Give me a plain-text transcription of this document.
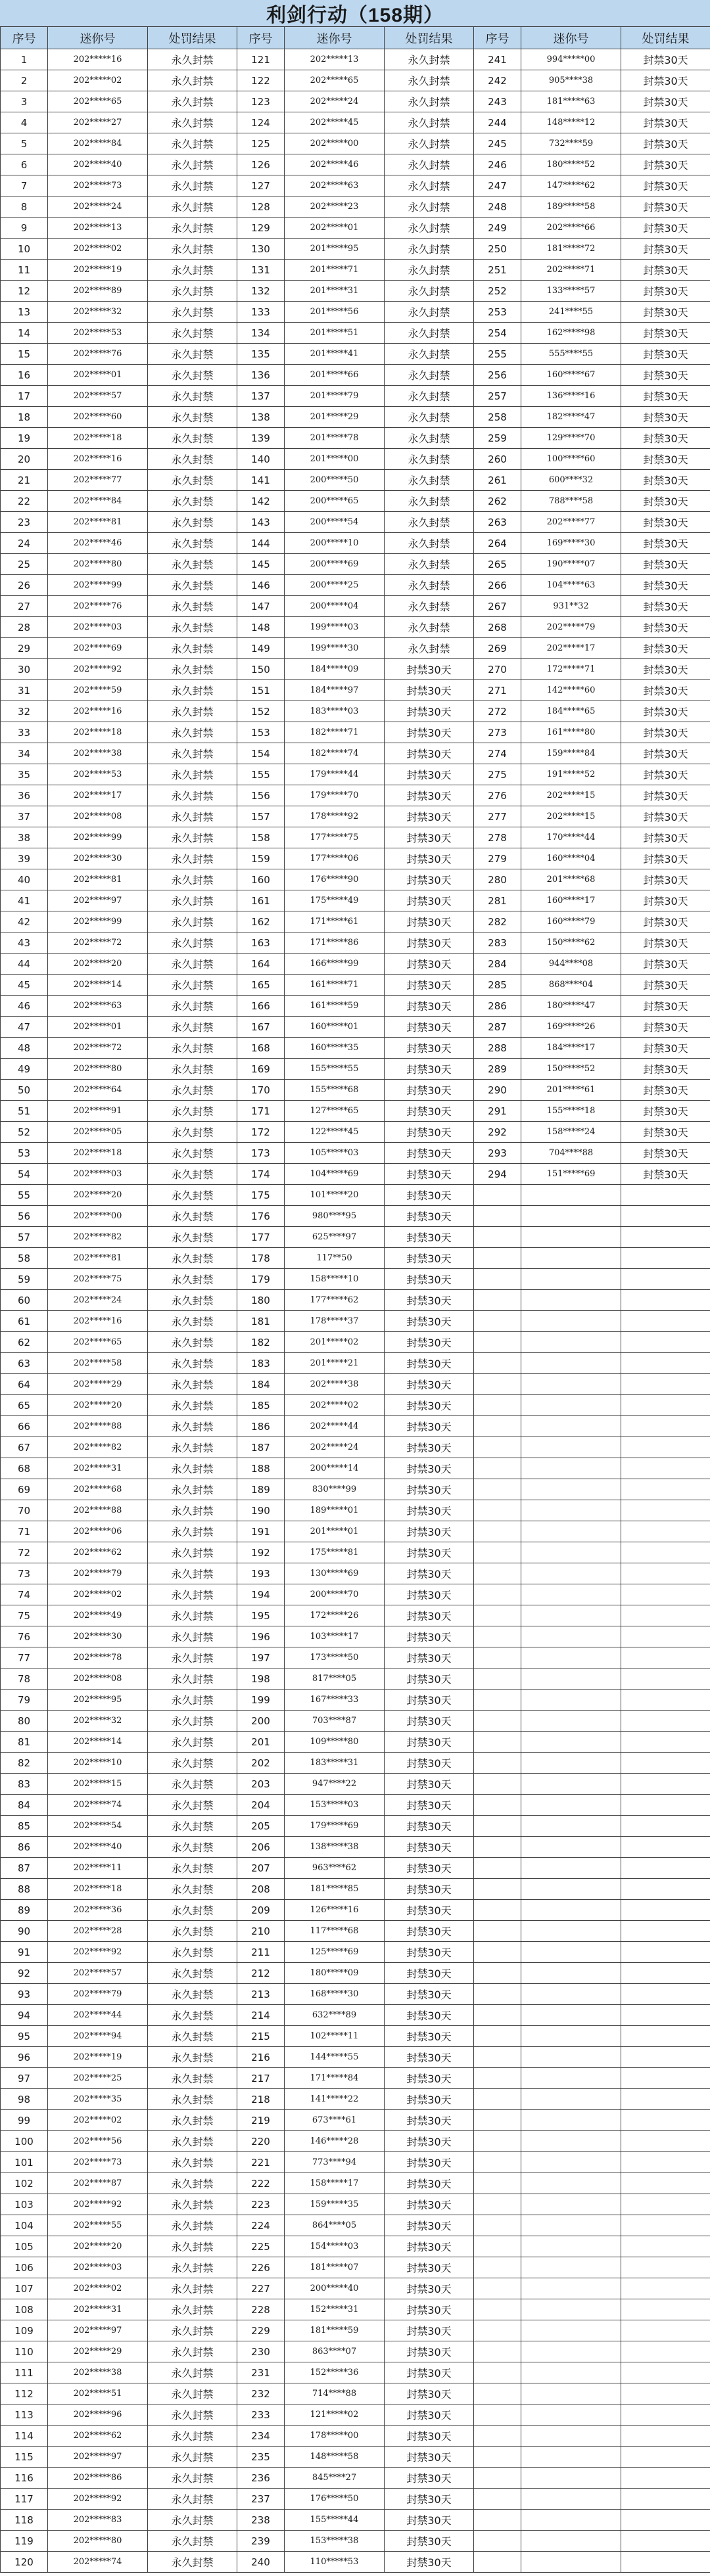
利剑行动（158期）
序号	迷你号	处罚结果	序号	迷你号	处罚结果	序号	迷你号	处罚结果
1	202*****16	永久封禁	121	202*****13	永久封禁	241	994*****00	封禁30天
2	202*****02	永久封禁	122	202*****65	永久封禁	242	905****38	封禁30天
3	202*****65	永久封禁	123	202*****24	永久封禁	243	181*****63	封禁30天
4	202*****27	永久封禁	124	202*****45	永久封禁	244	148*****12	封禁30天
5	202*****84	永久封禁	125	202*****00	永久封禁	245	732****59	封禁30天
6	202*****40	永久封禁	126	202*****46	永久封禁	246	180*****52	封禁30天
7	202*****73	永久封禁	127	202*****63	永久封禁	247	147*****62	封禁30天
8	202*****24	永久封禁	128	202*****23	永久封禁	248	189*****58	封禁30天
9	202*****13	永久封禁	129	202*****01	永久封禁	249	202*****66	封禁30天
10	202*****02	永久封禁	130	201*****95	永久封禁	250	181*****72	封禁30天
11	202*****19	永久封禁	131	201*****71	永久封禁	251	202*****71	封禁30天
12	202*****89	永久封禁	132	201*****31	永久封禁	252	133*****57	封禁30天
13	202*****32	永久封禁	133	201*****56	永久封禁	253	241****55	封禁30天
14	202*****53	永久封禁	134	201*****51	永久封禁	254	162*****98	封禁30天
15	202*****76	永久封禁	135	201*****41	永久封禁	255	555****55	封禁30天
16	202*****01	永久封禁	136	201*****66	永久封禁	256	160*****67	封禁30天
17	202*****57	永久封禁	137	201*****79	永久封禁	257	136*****16	封禁30天
18	202*****60	永久封禁	138	201*****29	永久封禁	258	182*****47	封禁30天
19	202*****18	永久封禁	139	201*****78	永久封禁	259	129*****70	封禁30天
20	202*****16	永久封禁	140	201*****00	永久封禁	260	100*****60	封禁30天
21	202*****77	永久封禁	141	200*****50	永久封禁	261	600****32	封禁30天
22	202*****84	永久封禁	142	200*****65	永久封禁	262	788****58	封禁30天
23	202*****81	永久封禁	143	200*****54	永久封禁	263	202*****77	封禁30天
24	202*****46	永久封禁	144	200*****10	永久封禁	264	169*****30	封禁30天
25	202*****80	永久封禁	145	200*****69	永久封禁	265	190*****07	封禁30天
26	202*****99	永久封禁	146	200*****25	永久封禁	266	104*****63	封禁30天
27	202*****76	永久封禁	147	200*****04	永久封禁	267	931**32	封禁30天
28	202*****03	永久封禁	148	199*****03	永久封禁	268	202*****79	封禁30天
29	202*****69	永久封禁	149	199*****30	永久封禁	269	202*****17	封禁30天
30	202*****92	永久封禁	150	184*****09	封禁30天	270	172*****71	封禁30天
31	202*****59	永久封禁	151	184*****97	封禁30天	271	142*****60	封禁30天
32	202*****16	永久封禁	152	183*****03	封禁30天	272	184*****65	封禁30天
33	202*****18	永久封禁	153	182*****71	封禁30天	273	161*****80	封禁30天
34	202*****38	永久封禁	154	182*****74	封禁30天	274	159*****84	封禁30天
35	202*****53	永久封禁	155	179*****44	封禁30天	275	191*****52	封禁30天
36	202*****17	永久封禁	156	179*****70	封禁30天	276	202*****15	封禁30天
37	202*****08	永久封禁	157	178*****92	封禁30天	277	202*****15	封禁30天
38	202*****99	永久封禁	158	177*****75	封禁30天	278	170*****44	封禁30天
39	202*****30	永久封禁	159	177*****06	封禁30天	279	160*****04	封禁30天
40	202*****81	永久封禁	160	176*****90	封禁30天	280	201*****68	封禁30天
41	202*****97	永久封禁	161	175*****49	封禁30天	281	160*****17	封禁30天
42	202*****99	永久封禁	162	171*****61	封禁30天	282	160*****79	封禁30天
43	202*****72	永久封禁	163	171*****86	封禁30天	283	150*****62	封禁30天
44	202*****20	永久封禁	164	166*****99	封禁30天	284	944****08	封禁30天
45	202*****14	永久封禁	165	161*****71	封禁30天	285	868****04	封禁30天
46	202*****63	永久封禁	166	161*****59	封禁30天	286	180*****47	封禁30天
47	202*****01	永久封禁	167	160*****01	封禁30天	287	169*****26	封禁30天
48	202*****72	永久封禁	168	160*****35	封禁30天	288	184*****17	封禁30天
49	202*****80	永久封禁	169	155*****55	封禁30天	289	150*****52	封禁30天
50	202*****64	永久封禁	170	155*****68	封禁30天	290	201*****61	封禁30天
51	202*****91	永久封禁	171	127*****65	封禁30天	291	155*****18	封禁30天
52	202*****05	永久封禁	172	122*****45	封禁30天	292	158*****24	封禁30天
53	202*****18	永久封禁	173	105*****03	封禁30天	293	704****88	封禁30天
54	202*****03	永久封禁	174	104*****69	封禁30天	294	151*****69	封禁30天
55	202*****20	永久封禁	175	101*****20	封禁30天			
56	202*****00	永久封禁	176	980****95	封禁30天			
57	202*****82	永久封禁	177	625****97	封禁30天			
58	202*****81	永久封禁	178	117**50	封禁30天			
59	202*****75	永久封禁	179	158*****10	封禁30天			
60	202*****24	永久封禁	180	177*****62	封禁30天			
61	202*****16	永久封禁	181	178*****37	封禁30天			
62	202*****65	永久封禁	182	201*****02	封禁30天			
63	202*****58	永久封禁	183	201*****21	封禁30天			
64	202*****29	永久封禁	184	202*****38	封禁30天			
65	202*****20	永久封禁	185	202*****02	封禁30天			
66	202*****88	永久封禁	186	202*****44	封禁30天			
67	202*****82	永久封禁	187	202*****24	封禁30天			
68	202*****31	永久封禁	188	200*****14	封禁30天			
69	202*****68	永久封禁	189	830****99	封禁30天			
70	202*****88	永久封禁	190	189*****01	封禁30天			
71	202*****06	永久封禁	191	201*****01	封禁30天			
72	202*****62	永久封禁	192	175*****81	封禁30天			
73	202*****79	永久封禁	193	130*****69	封禁30天			
74	202*****02	永久封禁	194	200*****70	封禁30天			
75	202*****49	永久封禁	195	172*****26	封禁30天			
76	202*****30	永久封禁	196	103*****17	封禁30天			
77	202*****78	永久封禁	197	173*****50	封禁30天			
78	202*****08	永久封禁	198	817****05	封禁30天			
79	202*****95	永久封禁	199	167*****33	封禁30天			
80	202*****32	永久封禁	200	703****87	封禁30天			
81	202*****14	永久封禁	201	109*****80	封禁30天			
82	202*****10	永久封禁	202	183*****31	封禁30天			
83	202*****15	永久封禁	203	947****22	封禁30天			
84	202*****74	永久封禁	204	153*****03	封禁30天			
85	202*****54	永久封禁	205	179*****69	封禁30天			
86	202*****40	永久封禁	206	138*****38	封禁30天			
87	202*****11	永久封禁	207	963****62	封禁30天			
88	202*****18	永久封禁	208	181*****85	封禁30天			
89	202*****36	永久封禁	209	126*****16	封禁30天			
90	202*****28	永久封禁	210	117*****68	封禁30天			
91	202*****92	永久封禁	211	125*****69	封禁30天			
92	202*****57	永久封禁	212	180*****09	封禁30天			
93	202*****79	永久封禁	213	168*****30	封禁30天			
94	202*****44	永久封禁	214	632****89	封禁30天			
95	202*****94	永久封禁	215	102*****11	封禁30天			
96	202*****19	永久封禁	216	144*****55	封禁30天			
97	202*****25	永久封禁	217	171*****84	封禁30天			
98	202*****35	永久封禁	218	141*****22	封禁30天			
99	202*****02	永久封禁	219	673****61	封禁30天			
100	202*****56	永久封禁	220	146*****28	封禁30天			
101	202*****73	永久封禁	221	773****94	封禁30天			
102	202*****87	永久封禁	222	158*****17	封禁30天			
103	202*****92	永久封禁	223	159*****35	封禁30天			
104	202*****55	永久封禁	224	864****05	封禁30天			
105	202*****20	永久封禁	225	154*****03	封禁30天			
106	202*****03	永久封禁	226	181*****07	封禁30天			
107	202*****02	永久封禁	227	200*****40	封禁30天			
108	202*****31	永久封禁	228	152*****31	封禁30天			
109	202*****97	永久封禁	229	181*****59	封禁30天			
110	202*****29	永久封禁	230	863****07	封禁30天			
111	202*****38	永久封禁	231	152*****36	封禁30天			
112	202*****51	永久封禁	232	714****88	封禁30天			
113	202*****96	永久封禁	233	121*****02	封禁30天			
114	202*****62	永久封禁	234	178*****00	封禁30天			
115	202*****97	永久封禁	235	148*****58	封禁30天			
116	202*****86	永久封禁	236	845****27	封禁30天			
117	202*****92	永久封禁	237	176*****50	封禁30天			
118	202*****83	永久封禁	238	155*****44	封禁30天			
119	202*****80	永久封禁	239	153*****38	封禁30天			
120	202*****74	永久封禁	240	110*****53	封禁30天			
